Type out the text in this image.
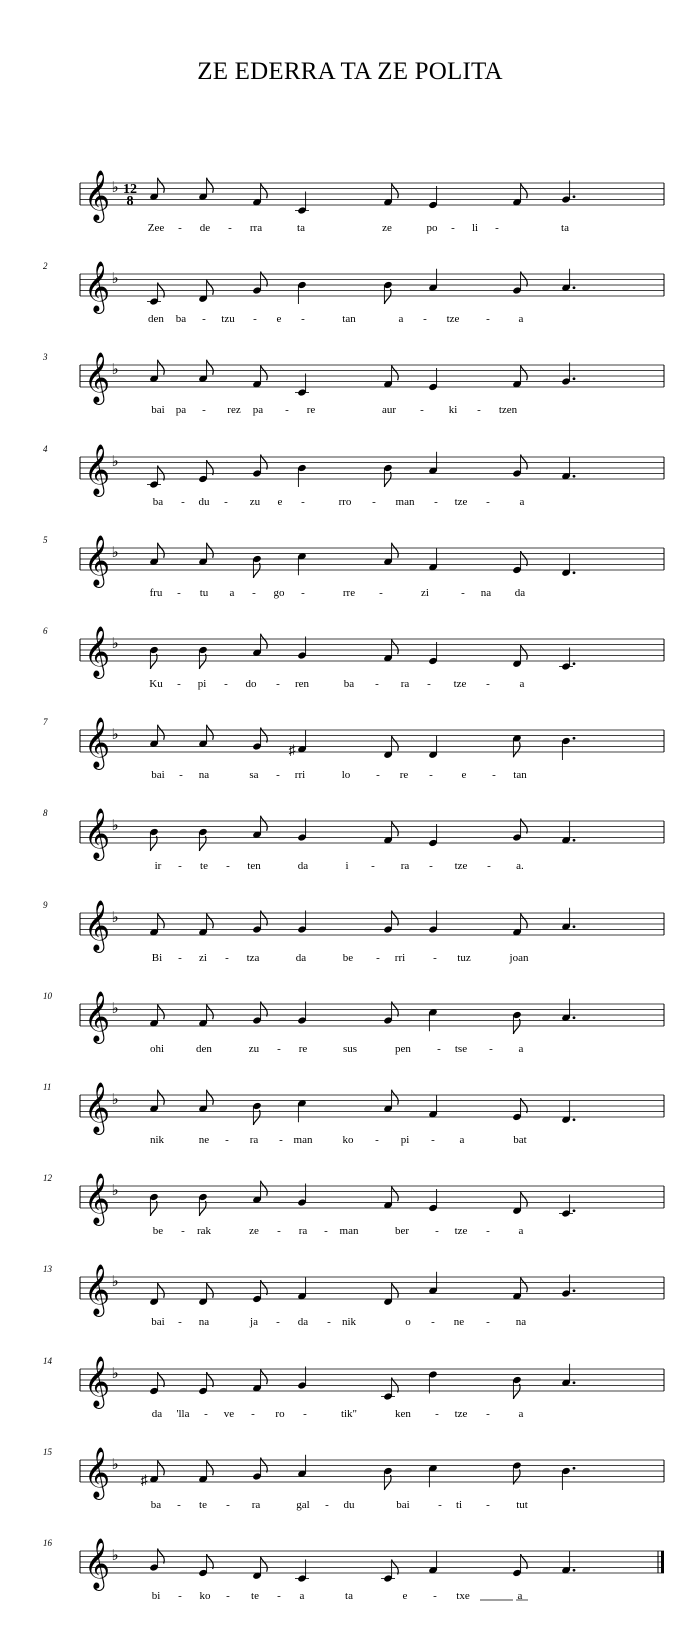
ZE EDERRA TA ZE POLITA
𝄞 ♭ 12
8
Zee - de - rra	ta	ze	po - li -	ta
2 𝄞 ♭
den ba - tzu - e -	tan	a - tze -	a
3 𝄞 ♭
bai pa - rez pa - re	aur - ki - tzen
4 𝄞 ♭
ba - du - zu e -	rro - man - tze -	a
5 𝄞 ♭
fru - tu a - go -	rre -	zi	- na da
6 𝄞 ♭
Ku - pi - do - ren	ba - ra - tze -	a
7 𝄞 ♭
♯
bai - na	sa - rri	lo - re -	e - tan
8 𝄞 ♭
ir - te - ten	da	i - ra - tze - a.
9 𝄞 ♭
Bi - zi - tza	da	be - rri	- tuz	joan
10 𝄞 ♭
ohi	den	zu - re	sus	pen - tse - a
11 𝄞 ♭
nik	ne - ra - man	ko - pi - a	bat
12 𝄞 ♭
be - rak	ze - ra - man	ber - tze -	a
13 𝄞 ♭
bai - na	ja - da - nik	o - ne - na
14 𝄞 ♭
da 'lla - ve - ro -	tik"	ken - tze -	a
15 𝄞 ♭
♯
ba - te - ra	gal - du	bai	- ti - tut
16 𝄞 ♭
bi - ko - te - a	ta	e - txe	a
